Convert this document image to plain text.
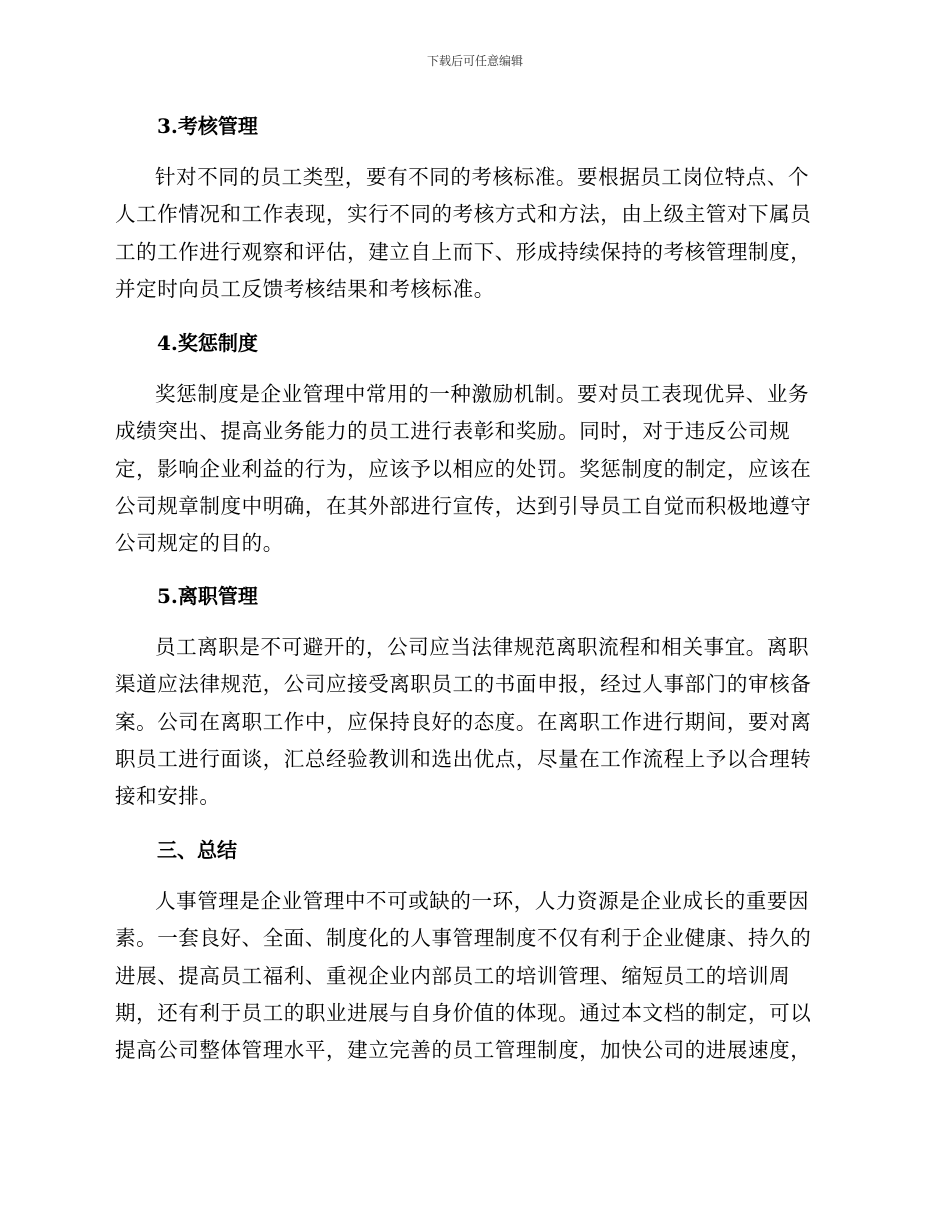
下载后可任意编辑
3.考核管理
针对不同的员工类型，要有不同的考核标准。要根据员工岗位特点、个
人工作情况和工作表现，实行不同的考核方式和方法，由上级主管对下属员
工的工作进行观察和评估，建立自上而下、形成持续保持的考核管理制度，
并定时向员工反馈考核结果和考核标准。
4.奖惩制度
奖惩制度是企业管理中常用的一种激励机制。要对员工表现优异、业务
成绩突出、提高业务能力的员工进行表彰和奖励。同时，对于违反公司规
定，影响企业利益的行为，应该予以相应的处罚。奖惩制度的制定，应该在
公司规章制度中明确，在其外部进行宣传，达到引导员工自觉而积极地遵守
公司规定的目的。
5.离职管理
员工离职是不可避开的，公司应当法律规范离职流程和相关事宜。离职
渠道应法律规范，公司应接受离职员工的书面申报，经过人事部门的审核备
案。公司在离职工作中，应保持良好的态度。在离职工作进行期间，要对离
职员工进行面谈，汇总经验教训和选出优点，尽量在工作流程上予以合理转
接和安排。
三、总结
人事管理是企业管理中不可或缺的一环，人力资源是企业成长的重要因
素。一套良好、全面、制度化的人事管理制度不仅有利于企业健康、持久的
进展、提高员工福利、重视企业内部员工的培训管理、缩短员工的培训周
期，还有利于员工的职业进展与自身价值的体现。通过本文档的制定，可以
提高公司整体管理水平，建立完善的员工管理制度，加快公司的进展速度，
